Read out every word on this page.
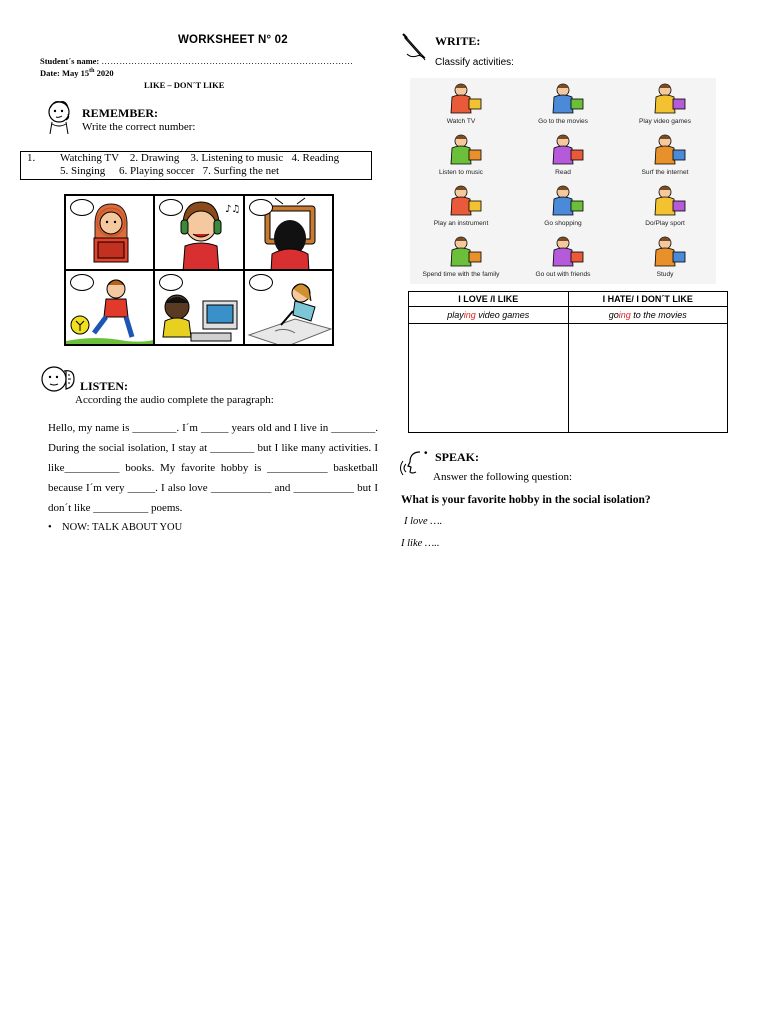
WORKSHEET N° 02
Student´s name: …………………………………………………………………………
Date: May 15th 2020
LIKE – DON´T LIKE
REMEMBER:
Write the correct number:
1. Watching TV    2. Drawing    3. Listening to music   4. Reading
5. Singing     6. Playing soccer   7. Surfing the net
♪♫
LISTEN:
According the audio complete the paragraph:
Hello, my name is ________. I´m _____ years old and I live in ________. During the social isolation, I stay at ________ but I like many activities. I like__________ books. My favorite hobby is ___________ basketball because I´m very _____. I also love ___________ and ___________ but I don´t like __________ poems.
• NOW: TALK ABOUT YOU
WRITE:
Classify activities:
Watch TV	Go to the movies	Play video games
Listen to music	Read	Surf the internet
Play an instrument	Go shopping	Do/Play sport
Spend time with the family	Go out with friends	Study
I LOVE /I LIKE	I HATE/ I DON´T LIKE
playing video games	going to the movies

• SPEAK:
Answer the following question:
What is your favorite hobby in the social isolation?
I love ….
I like …..
